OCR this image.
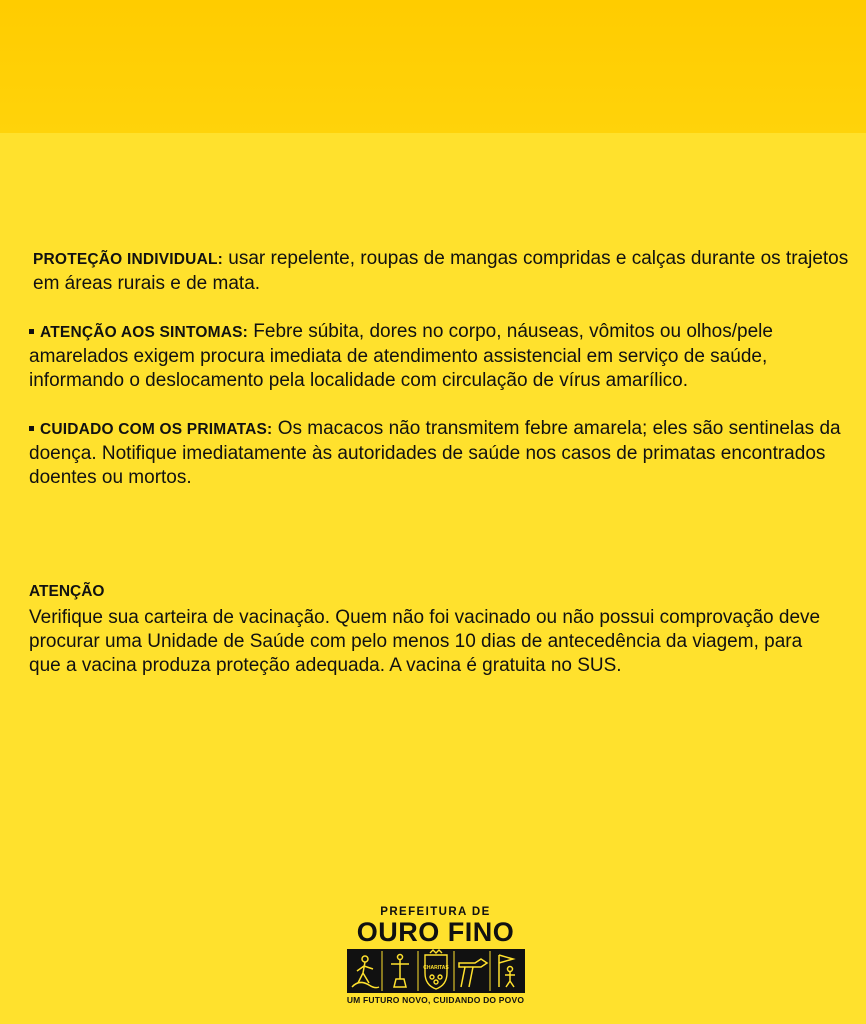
PROTEÇÃO INDIVIDUAL: usar repelente, roupas de mangas compridas e calças durante os trajetos em áreas rurais e de mata.

ATENÇÃO AOS SINTOMAS: Febre súbita, dores no corpo, náuseas, vômitos ou olhos/pele amarelados exigem procura imediata de atendimento assistencial em serviço de saúde, informando o deslocamento pela localidade com circulação de vírus amarílico.

CUIDADO COM OS PRIMATAS: Os macacos não transmitem febre amarela; eles são sentinelas da doença. Notifique imediatamente às autoridades de saúde nos casos de primatas encontrados doentes ou mortos.

ATENÇÃO
Verifique sua carteira de vacinação. Quem não foi vacinado ou não possui comprovação deve procurar uma Unidade de Saúde com pelo menos 10 dias de antecedência da viagem, para que a vacina produza proteção adequada. A vacina é gratuita no SUS.
PREFEITURA DE
OURO FINO
CHARITAS
UM FUTURO NOVO, CUIDANDO DO POVO
